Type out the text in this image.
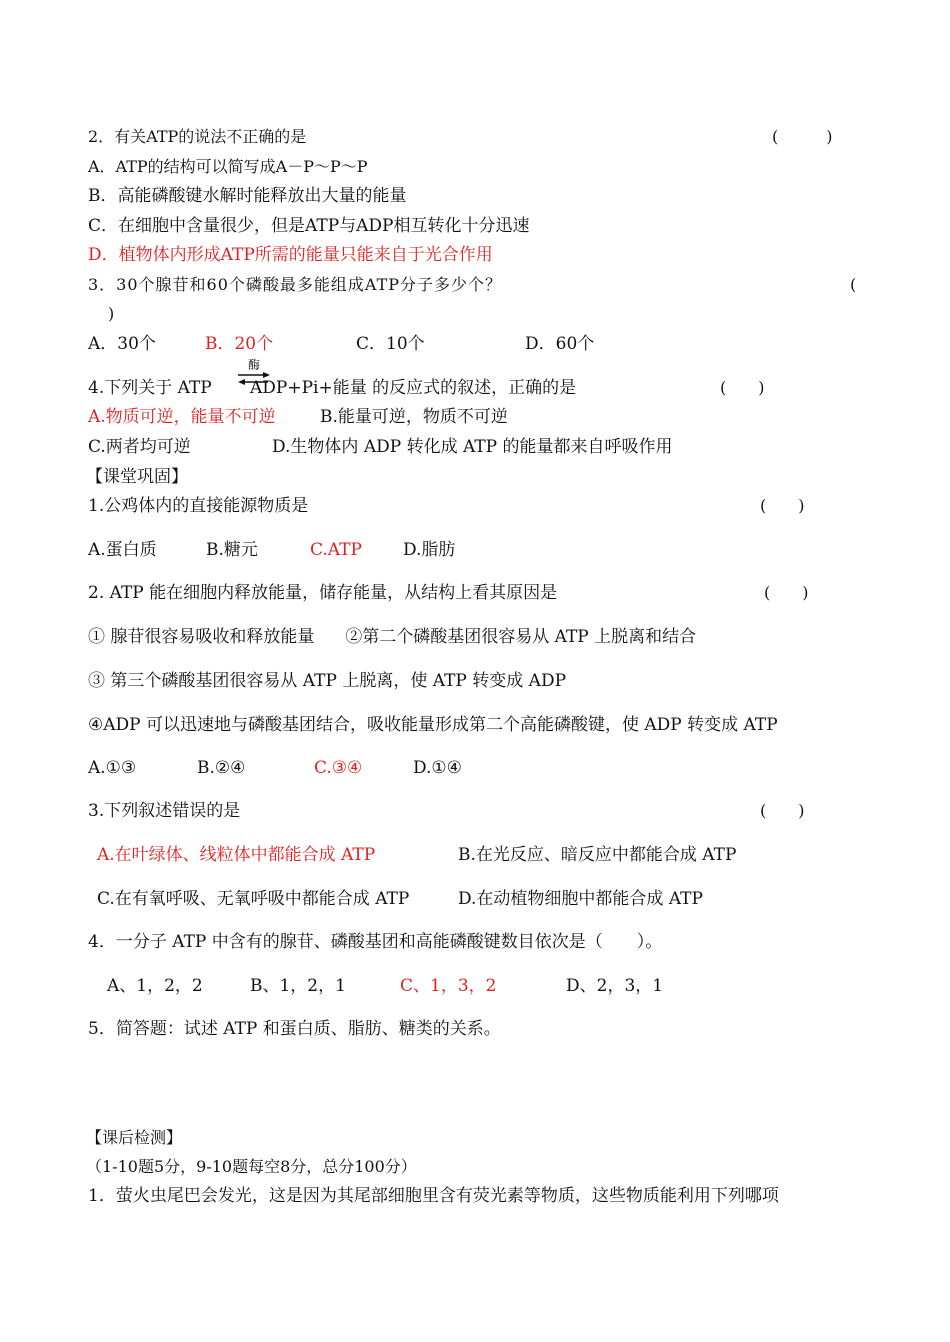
2．有关ATP的说法不正确的是	(　　　)
A．ATP的结构可以简写成A－P～P～P
B．高能磷酸键水解时能释放出大量的能量
C．在细胞中含量很少，但是ATP与ADP相互转化十分迅速
D．植物体内形成ATP所需的能量只能来自于光合作用
3．30个腺苷和60个磷酸最多能组成ATP分子多少个？	(
)
A．30个	B．20个	C．10个	D．60个
4.下列关于 ATP
酶
ADP+Pi+能量 的反应式的叙述，正确的是	(　　)
A.物质可逆，能量不可逆	B.能量可逆，物质不可逆
C.两者均可逆	D.生物体内 ADP 转化成 ATP 的能量都来自呼吸作用
【课堂巩固】
1.公鸡体内的直接能源物质是	(　　)
A.蛋白质	B.糖元	C.ATP D.脂肪
2. ATP 能在细胞内释放能量，储存能量，从结构上看其原因是	(　　)
① 腺苷很容易吸收和释放能量 ②第二个磷酸基团很容易从 ATP 上脱离和结合
③ 第三个磷酸基团很容易从 ATP 上脱离，使 ATP 转变成 ADP
④ADP 可以迅速地与磷酸基团结合，吸收能量形成第二个高能磷酸键，使 ADP 转变成 ATP
A.①③	B.②④	C.③④	D.①④
3.下列叙述错误的是	(　　)
A.在叶绿体、线粒体中都能合成 ATP	B.在光反应、暗反应中都能合成 ATP
C.在有氧呼吸、无氧呼吸中都能合成 ATP	D.在动植物细胞中都能合成 ATP
4．一分子 ATP 中含有的腺苷、磷酸基团和高能磷酸键数目依次是（　　）。
A、1，2，2	B、1，2，1	C、1，3，2	D、2，3，1
5．简答题：试述 ATP 和蛋白质、脂肪、糖类的关系。
【课后检测】
（1-10题5分，9-10题每空8分，总分100分）
1．萤火虫尾巴会发光，这是因为其尾部细胞里含有荧光素等物质，这些物质能利用下列哪项
